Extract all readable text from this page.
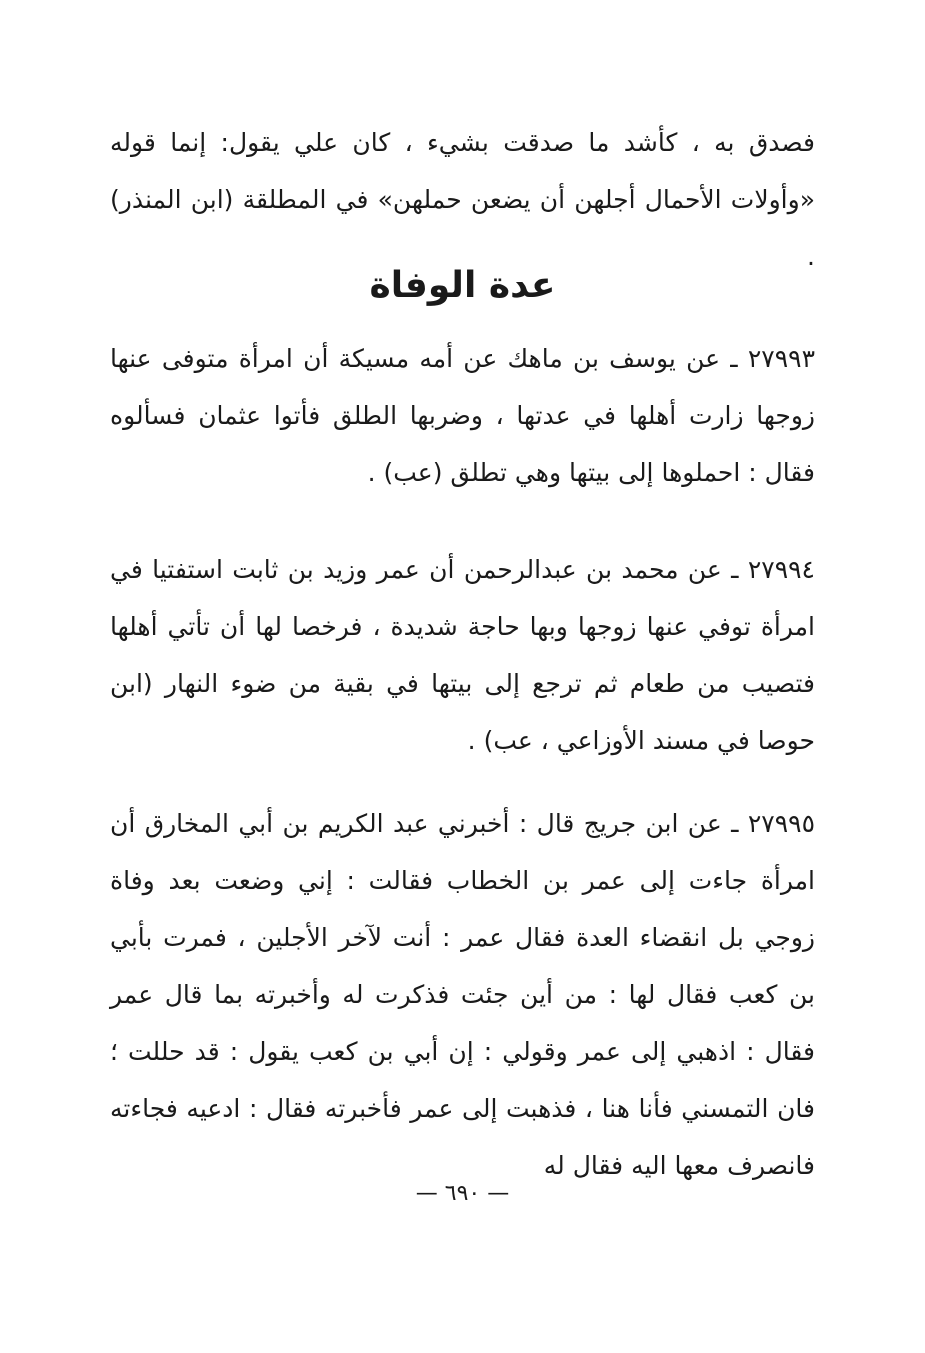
فصدق به ، كأشد ما صدقت بشيء ، كان علي يقول: إنما قوله «وأولات الأحمال أجلهن أن يضعن حملهن» في المطلقة (ابن المنذر) .
عدة الوفاة
٢٧٩٩٣ ـ عن يوسف بن ماهك عن أمه مسيكة أن امرأة متوفى عنها زوجها زارت أهلها في عدتها ، وضربها الطلق فأتوا عثمان فسألوه فقال : احملوها إلى بيتها وهي تطلق (عب) .
٢٧٩٩٤ ـ عن محمد بن عبدالرحمن أن عمر وزيد بن ثابت استفتيا في امرأة توفي عنها زوجها وبها حاجة شديدة ، فرخصا لها أن تأتي أهلها فتصيب من طعام ثم ترجع إلى بيتها في بقية من ضوء النهار (ابن حوصا في مسند الأوزاعي ، عب) .
٢٧٩٩٥ ـ عن ابن جريج قال : أخبرني عبد الكريم بن أبي المخارق أن امرأة جاءت إلى عمر بن الخطاب فقالت : إني وضعت بعد وفاة زوجي بل انقضاء العدة فقال عمر : أنت لآخر الأجلين ، فمرت بأبي بن كعب فقال لها : من أين جئت فذكرت له وأخبرته بما قال عمر فقال : اذهبي إلى عمر وقولي : إن أبي بن كعب يقول : قد حللت ؛ فان التمسني فأنا هنا ، فذهبت إلى عمر فأخبرته فقال : ادعيه فجاءته فانصرف معها اليه فقال له
— ٦٩٠ —
